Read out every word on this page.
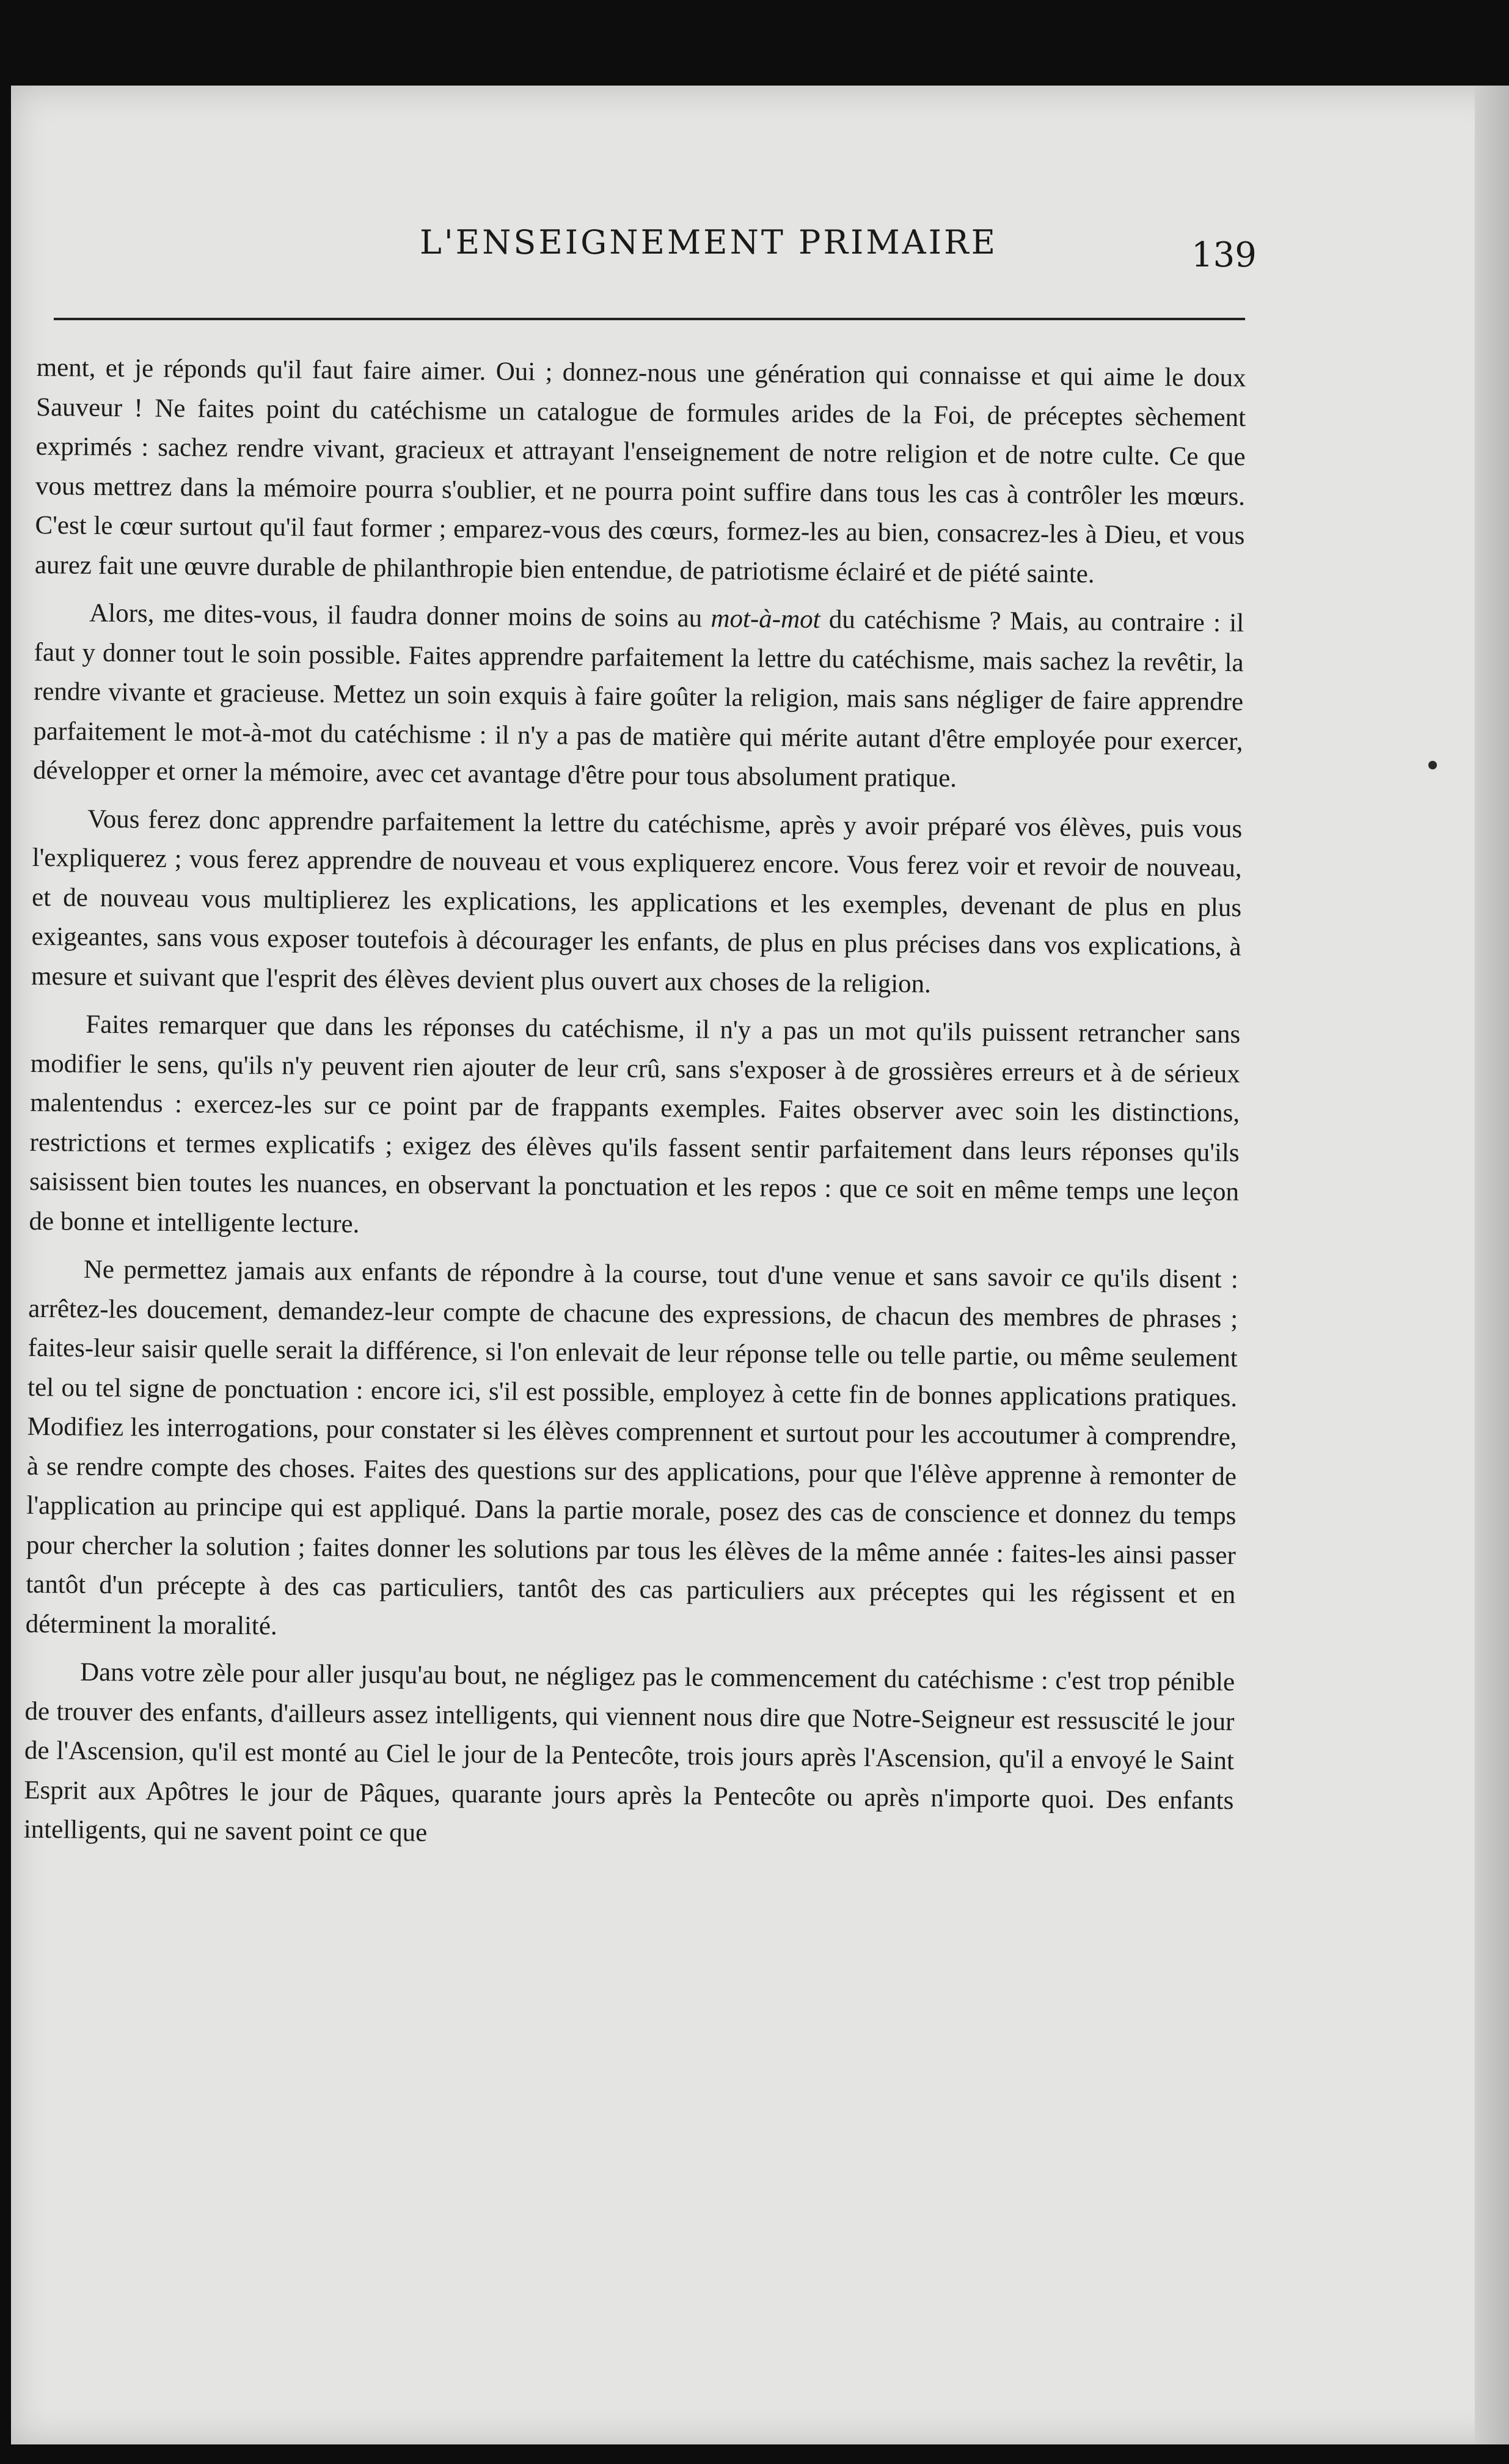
L'ENSEIGNEMENT PRIMAIRE	139

ment, et je réponds qu'il faut faire aimer. Oui ; donnez-nous une génération qui connaisse et qui aime le doux Sauveur ! Ne faites point du catéchisme un catalogue de formules arides de la Foi, de préceptes sèchement exprimés : sachez rendre vivant, gracieux et attrayant l'enseignement de notre religion et de notre culte. Ce que vous mettrez dans la mémoire pourra s'oublier, et ne pourra point suffire dans tous les cas à contrôler les mœurs. C'est le cœur surtout qu'il faut former ; emparez-vous des cœurs, formez-les au bien, consacrez-les à Dieu, et vous aurez fait une œuvre durable de philanthropie bien entendue, de patriotisme éclairé et de piété sainte.

Alors, me dites-vous, il faudra donner moins de soins au mot-à-mot du catéchisme ? Mais, au contraire : il faut y donner tout le soin possible. Faites apprendre parfaitement la lettre du catéchisme, mais sachez la revêtir, la rendre vivante et gracieuse. Mettez un soin exquis à faire goûter la religion, mais sans négliger de faire apprendre parfaitement le mot-à-mot du catéchisme : il n'y a pas de matière qui mérite autant d'être employée pour exercer, développer et orner la mémoire, avec cet avantage d'être pour tous absolument pratique.

Vous ferez donc apprendre parfaitement la lettre du catéchisme, après y avoir préparé vos élèves, puis vous l'expliquerez ; vous ferez apprendre de nouveau et vous expliquerez encore. Vous ferez voir et revoir de nouveau, et de nouveau vous multiplierez les explications, les applications et les exemples, devenant de plus en plus exigeantes, sans vous exposer toutefois à décourager les enfants, de plus en plus précises dans vos explications, à mesure et suivant que l'esprit des élèves devient plus ouvert aux choses de la religion.

Faites remarquer que dans les réponses du catéchisme, il n'y a pas un mot qu'ils puissent retrancher sans modifier le sens, qu'ils n'y peuvent rien ajouter de leur crû, sans s'exposer à de grossières erreurs et à de sérieux malentendus : exercez-les sur ce point par de frappants exemples. Faites observer avec soin les distinctions, restrictions et termes explicatifs ; exigez des élèves qu'ils fassent sentir parfaitement dans leurs réponses qu'ils saisissent bien toutes les nuances, en observant la ponctuation et les repos : que ce soit en même temps une leçon de bonne et intelligente lecture.

Ne permettez jamais aux enfants de répondre à la course, tout d'une venue et sans savoir ce qu'ils disent : arrêtez-les doucement, demandez-leur compte de chacune des expressions, de chacun des membres de phrases ; faites-leur saisir quelle serait la différence, si l'on enlevait de leur réponse telle ou telle partie, ou même seulement tel ou tel signe de ponctuation : encore ici, s'il est possible, employez à cette fin de bonnes applications pratiques. Modifiez les interrogations, pour constater si les élèves comprennent et surtout pour les accoutumer à comprendre, à se rendre compte des choses. Faites des questions sur des applications, pour que l'élève apprenne à remonter de l'application au principe qui est appliqué. Dans la partie morale, posez des cas de conscience et donnez du temps pour chercher la solution ; faites donner les solutions par tous les élèves de la même année : faites-les ainsi passer tantôt d'un précepte à des cas particuliers, tantôt des cas particuliers aux préceptes qui les régissent et en déterminent la moralité.

Dans votre zèle pour aller jusqu'au bout, ne négligez pas le commencement du catéchisme : c'est trop pénible de trouver des enfants, d'ailleurs assez intelligents, qui viennent nous dire que Notre-Seigneur est ressuscité le jour de l'Ascension, qu'il est monté au Ciel le jour de la Pentecôte, trois jours après l'Ascension, qu'il a envoyé le Saint Esprit aux Apôtres le jour de Pâques, quarante jours après la Pentecôte ou après n'importe quoi. Des enfants intelligents, qui ne savent point ce que
